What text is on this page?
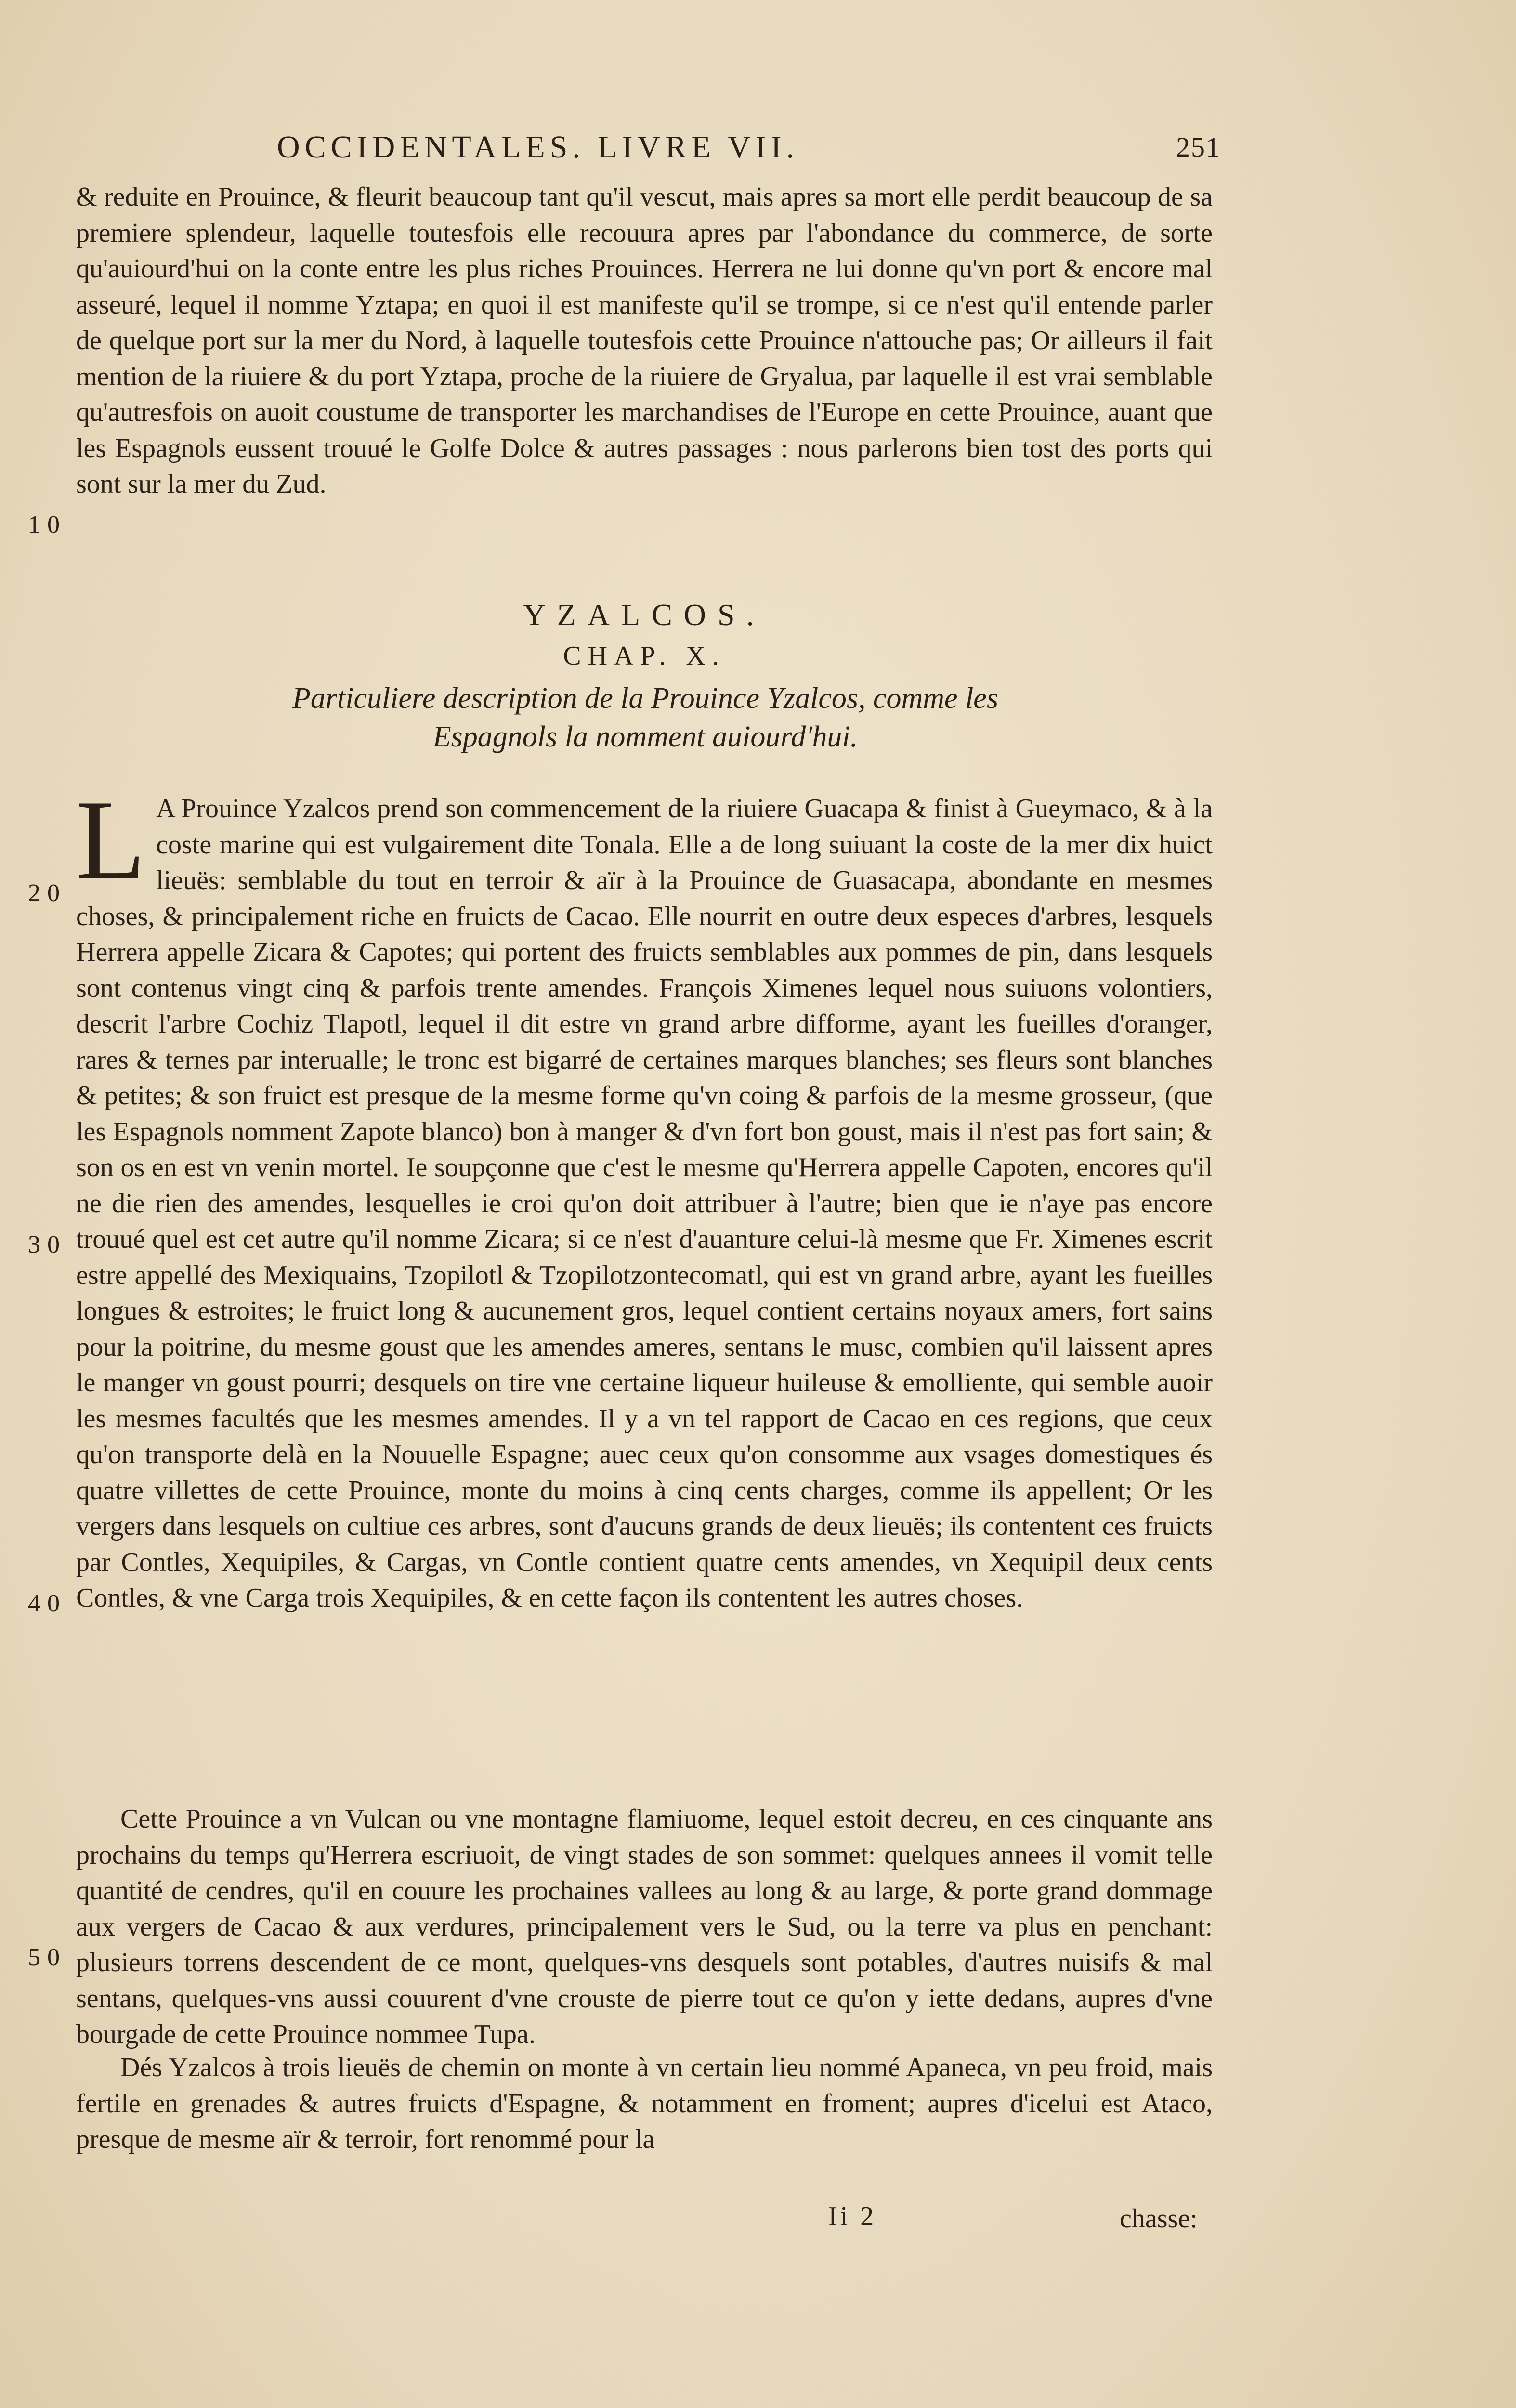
OCCIDENTALES. LIVRE VII.	251

& reduite en Prouince, & fleurit beaucoup tant qu'il vescut, mais apres sa mort elle perdit beaucoup de sa premiere splendeur, laquelle toutesfois elle recouura apres par l'abondance du commerce, de sorte qu'auiourd'hui on la conte entre les plus riches Prouinces. Herrera ne lui donne qu'vn port & encore mal asseuré, lequel il nomme Yztapa; en quoi il est manifeste qu'il se trompe, si ce n'est qu'il entende parler de quelque port sur la mer du Nord, à laquelle toutesfois cette Prouince n'attouche pas; Or ailleurs il fait mention de la riuiere & du port Yztapa, proche de la riuiere de Gryalua, par laquelle il est vrai semblable qu'autresfois on auoit coustume de transporter les marchandises de l'Europe en cette Prouince, auant que les Espagnols eussent trouué le Golfe Dolce & autres passages : nous parlerons bien tost des ports qui sont sur la mer du Zud.

YZALCOS.
CHAP. X.
Particuliere description de la Prouince Yzalcos, comme les Espagnols la nomment auiourd'hui.
L A Prouince Yzalcos prend son commencement de la riuiere Guacapa & finist à Gueymaco, & à la coste marine qui est vulgairement dite Tonala. Elle a de long suiuant la coste de la mer dix huict lieuës: semblable du tout en terroir & aïr à la Prouince de Guasacapa, abondante en mesmes choses, & principalement riche en fruicts de Cacao. Elle nourrit en outre deux especes d'arbres, lesquels Herrera appelle Zicara & Capotes; qui portent des fruicts semblables aux pommes de pin, dans lesquels sont contenus vingt cinq & parfois trente amendes. François Ximenes lequel nous suiuons volontiers, descrit l'arbre Cochiz Tlapotl, lequel il dit estre vn grand arbre difforme, ayant les fueilles d'oranger, rares & ternes par interualle; le tronc est bigarré de certaines marques blanches; ses fleurs sont blanches & petites; & son fruict est presque de la mesme forme qu'vn coing & parfois de la mesme grosseur, (que les Espagnols nomment Zapote blanco) bon à manger & d'vn fort bon goust, mais il n'est pas fort sain; & son os en est vn venin mortel. Ie soupçonne que c'est le mesme qu'Herrera appelle Capoten, encores qu'il ne die rien des amendes, lesquelles ie croi qu'on doit attribuer à l'autre; bien que ie n'aye pas encore trouué quel est cet autre qu'il nomme Zicara; si ce n'est d'auanture celui-là mesme que Fr. Ximenes escrit estre appellé des Mexiquains, Tzopilotl & Tzopilotzontecomatl, qui est vn grand arbre, ayant les fueilles longues & estroites; le fruict long & aucunement gros, lequel contient certains noyaux amers, fort sains pour la poitrine, du mesme goust que les amendes ameres, sentans le musc, combien qu'il laissent apres le manger vn goust pourri; desquels on tire vne certaine liqueur huileuse & emolliente, qui semble auoir les mesmes facultés que les mesmes amendes. Il y a vn tel rapport de Cacao en ces regions, que ceux qu'on transporte delà en la Nouuelle Espagne; auec ceux qu'on consomme aux vsages domestiques és quatre villettes de cette Prouince, monte du moins à cinq cents charges, comme ils appellent; Or les vergers dans lesquels on cultiue ces arbres, sont d'aucuns grands de deux lieuës; ils contentent ces fruicts par Contles, Xequipiles, & Cargas, vn Contle contient quatre cents amendes, vn Xequipil deux cents Contles, & vne Carga trois Xequipiles, & en cette façon ils contentent les autres choses.

Cette Prouince a vn Vulcan ou vne montagne flamiuome, lequel estoit decreu, en ces cinquante ans prochains du temps qu'Herrera escriuoit, de vingt stades de son sommet: quelques annees il vomit telle quantité de cendres, qu'il en couure les prochaines vallees au long & au large, & porte grand dommage aux vergers de Cacao & aux verdures, principalement vers le Sud, ou la terre va plus en penchant: plusieurs torrens descendent de ce mont, quelques-vns desquels sont potables, d'autres nuisifs & mal sentans, quelques-vns aussi couurent d'vne crouste de pierre tout ce qu'on y iette dedans, aupres d'vne bourgade de cette Prouince nommee Tupa.

Dés Yzalcos à trois lieuës de chemin on monte à vn certain lieu nommé Apaneca, vn peu froid, mais fertile en grenades & autres fruicts d'Espagne, & notamment en froment; aupres d'icelui est Ataco, presque de mesme aïr & terroir, fort renommé pour la

10
20
30
40
50
Ii 2	chasse:
